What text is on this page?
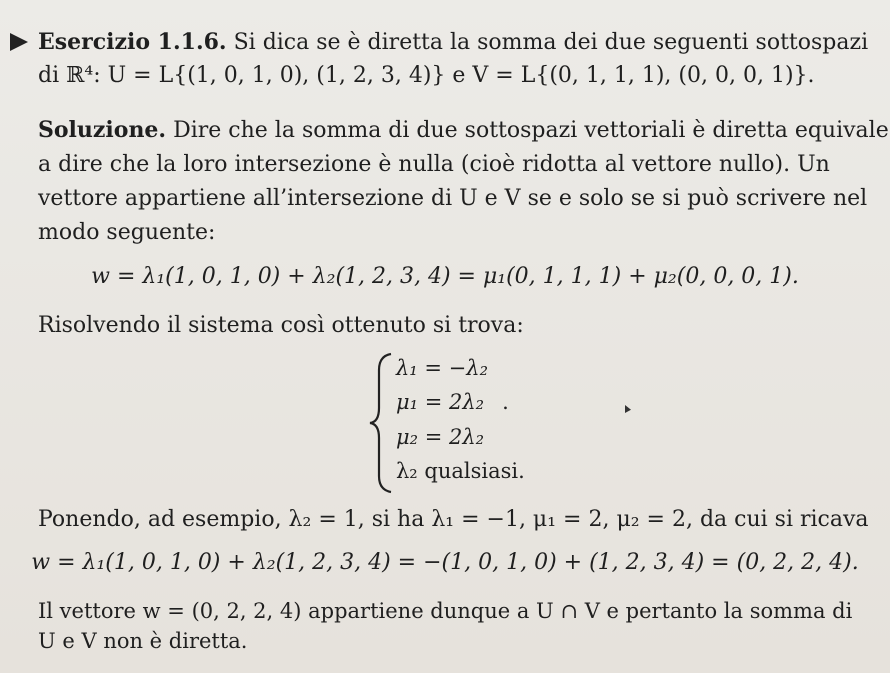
Esercizio 1.1.6. Si dica se è diretta la somma dei due seguenti sottospazi
di ℝ⁴: U = L{(1, 0, 1, 0), (1, 2, 3, 4)} e V = L{(0, 1, 1, 1), (0, 0, 0, 1)}.
Soluzione. Dire che la somma di due sottospazi vettoriali è diretta equivale
a dire che la loro intersezione è nulla (cioè ridotta al vettore nullo). Un
vettore appartiene all’intersezione di U e V se e solo se si può scrivere nel
modo seguente:
w = λ₁(1, 0, 1, 0) + λ₂(1, 2, 3, 4) = μ₁(0, 1, 1, 1) + μ₂(0, 0, 0, 1).
Risolvendo il sistema così ottenuto si trova:
λ₁ = −λ₂
μ₁ = 2λ₂ .
μ₂ = 2λ₂
λ₂ qualsiasi.
Ponendo, ad esempio, λ₂ = 1, si ha λ₁ = −1, μ₁ = 2, μ₂ = 2, da cui si ricava
w = λ₁(1, 0, 1, 0) + λ₂(1, 2, 3, 4) = −(1, 0, 1, 0) + (1, 2, 3, 4) = (0, 2, 2, 4).
Il vettore w = (0, 2, 2, 4) appartiene dunque a U ∩ V e pertanto la somma di
U e V non è diretta.
